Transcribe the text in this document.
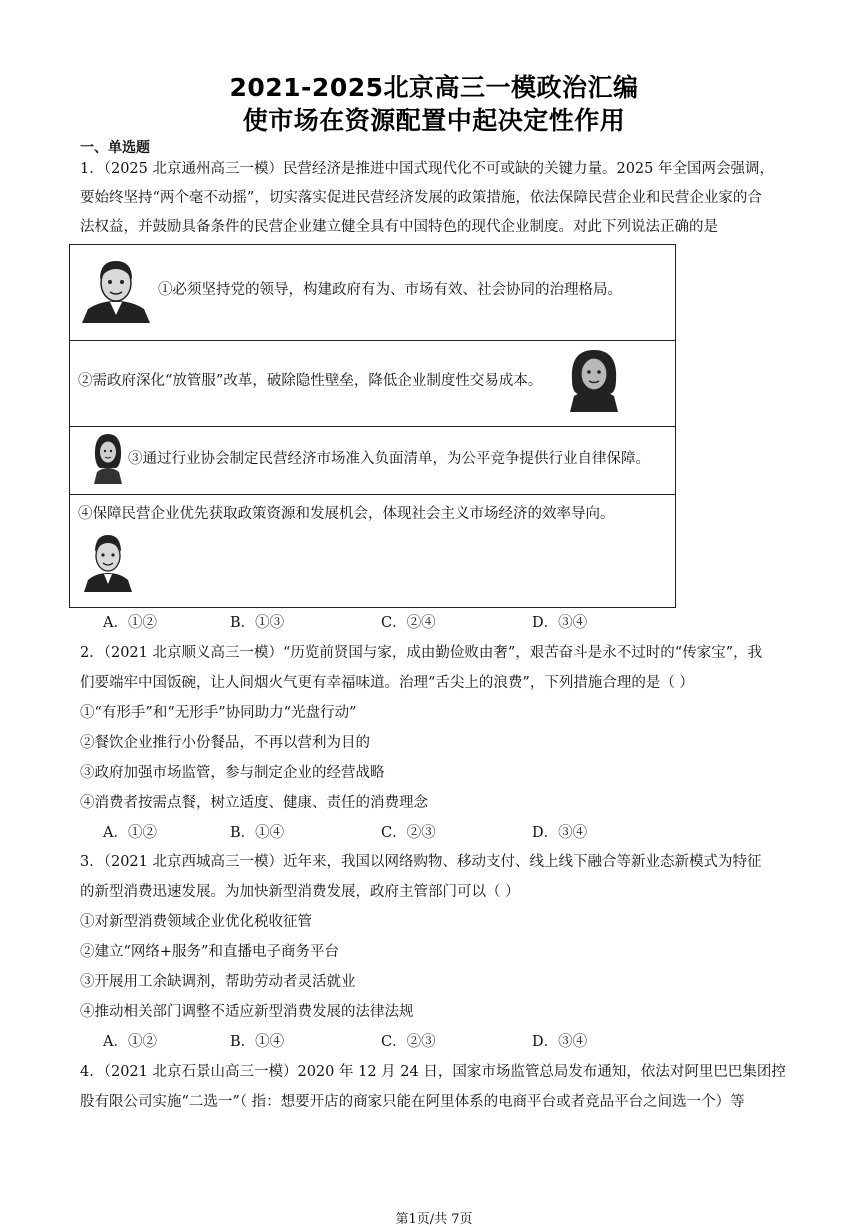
2021-2025北京高三一模政治汇编
使市场在资源配置中起决定性作用
一、单选题
1．（2025 北京通州高三一模）民营经济是推进中国式现代化不可或缺的关键力量。2025 年全国两会强调，
要始终坚持“两个毫不动摇”，切实落实促进民营经济发展的政策措施，依法保障民营企业和民营企业家的合
法权益，并鼓励具备条件的民营企业建立健全具有中国特色的现代企业制度。对此下列说法正确的是
①必须坚持党的领导，构建政府有为、市场有效、社会协同的治理格局。
②需政府深化“放管服”改革，破除隐性壁垒，降低企业制度性交易成本。
③通过行业协会制定民营经济市场准入负面清单，为公平竞争提供行业自律保障。
④保障民营企业优先获取政策资源和发展机会，体现社会主义市场经济的效率导向。
A．①②	B．①③	C．②④	D．③④
2．（2021 北京顺义高三一模）“历览前贤国与家，成由勤俭败由奢”，艰苦奋斗是永不过时的“传家宝”，我
们要端牢中国饭碗，让人间烟火气更有幸福味道。治理“舌尖上的浪费”，下列措施合理的是（ ）
①“有形手”和“无形手”协同助力“光盘行动”
②餐饮企业推行小份餐品，不再以营利为目的
③政府加强市场监管，参与制定企业的经营战略
④消费者按需点餐，树立适度、健康、责任的消费理念
A．①②	B．①④	C．②③	D．③④
3．（2021 北京西城高三一模）近年来，我国以网络购物、移动支付、线上线下融合等新业态新模式为特征
的新型消费迅速发展。为加快新型消费发展，政府主管部门可以（ ）
①对新型消费领域企业优化税收征管
②建立“网络+服务”和直播电子商务平台
③开展用工余缺调剂，帮助劳动者灵活就业
④推动相关部门调整不适应新型消费发展的法律法规
A．①②	B．①④	C．②③	D．③④
4．（2021 北京石景山高三一模）2020 年 12 月 24 日，国家市场监管总局发布通知，依法对阿里巴巴集团控
股有限公司实施“二选一”（ 指：想要开店的商家只能在阿里体系的电商平台或者竞品平台之间选一个）等
第1页/共 7页
